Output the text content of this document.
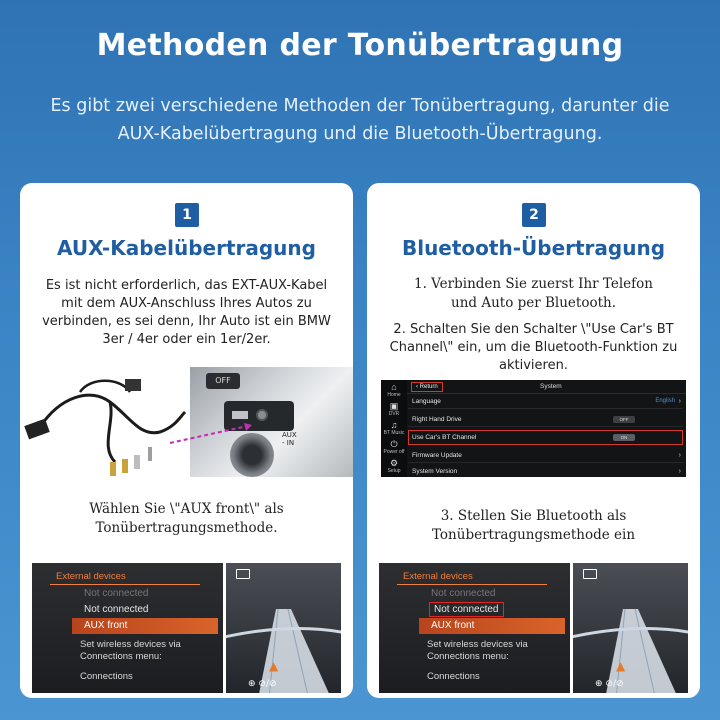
Methoden der Tonübertragung
Es gibt zwei verschiedene Methoden der Tonübertragung, darunter die
AUX-Kabelübertragung und die Bluetooth-Übertragung.
1
AUX-Kabelübertragung
Es ist nicht erforderlich, das EXT-AUX-Kabel
mit dem AUX-Anschluss Ihres Autos zu
verbinden, es sei denn, Ihr Auto ist ein BMW
3er / 4er oder ein 1er/2er.
OFF
AUX - IN
Wählen Sie \"AUX front\" als
Tonübertragungsmethode.
External devices
Not connected
Not connected
AUX front
Set wireless devices via
Connections menu:
Connections
▲
⊕ ⊘/⊘
2
Bluetooth-Übertragung
1. Verbinden Sie zuerst Ihr Telefon
und Auto per Bluetooth.
2. Schalten Sie den Schalter \"Use Car's BT
Channel\" ein, um die Bluetooth-Funktion zu
aktivieren.
⌂
Home
▣
DVR
♫
BT Music
⏻
Power off
⚙
Setup
‹ Return	System
Language	English ›
Right Hand Drive	OFF
Use Car's BT Channel	ON
Firmware Update	›
System Version	›
3. Stellen Sie Bluetooth als
Tonübertragungsmethode ein
External devices
Not connected
Not connected
AUX front
Set wireless devices via
Connections menu:
Connections
▲
⊕ ⊘/⊘
